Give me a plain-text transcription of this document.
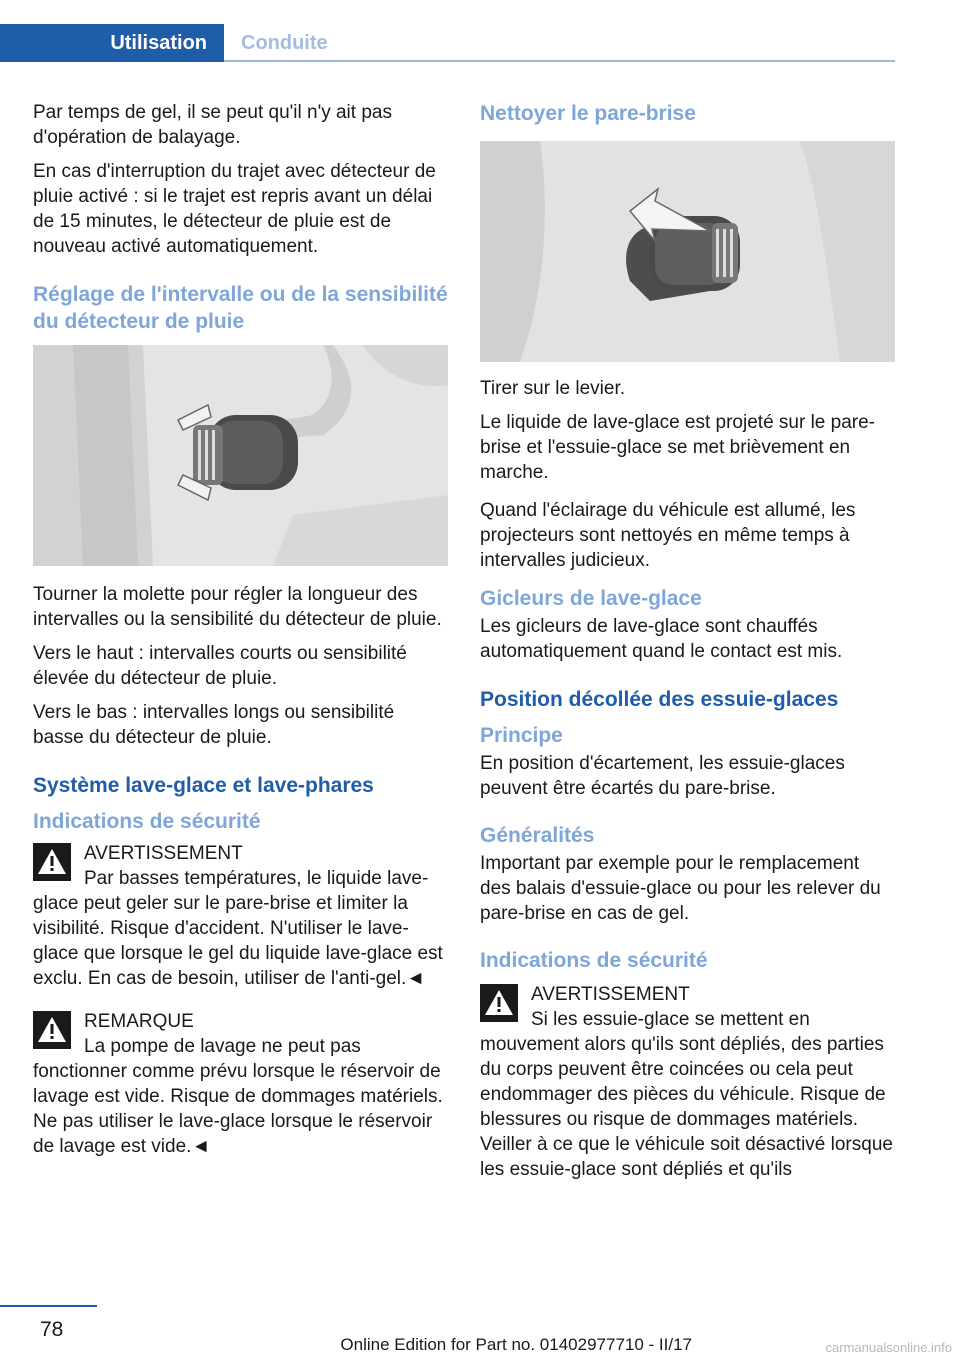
Utilisation	Conduite

Par temps de gel, il se peut qu'il n'y ait pas d'opération de balayage.

En cas d'interruption du trajet avec détecteur de pluie activé : si le trajet est repris avant un délai de 15 minutes, le détecteur de pluie est de nouveau activé automatiquement.

Réglage de l'intervalle ou de la sensibilité du détecteur de pluie

Tourner la molette pour régler la longueur des intervalles ou la sensibilité du détecteur de pluie.

Vers le haut : intervalles courts ou sensibilité élevée du détecteur de pluie.

Vers le bas : intervalles longs ou sensibilité basse du détecteur de pluie.

Système lave-glace et lave-phares
Indications de sécurité
AVERTISSEMENT
Par basses températures, le liquide lave-glace peut geler sur le pare-brise et limiter la visibilité. Risque d'accident. N'utiliser le lave-glace que lorsque le gel du liquide lave-glace est exclu. En cas de besoin, utiliser de l'anti-gel.◄
REMARQUE
La pompe de lavage ne peut pas fonctionner comme prévu lorsque le réservoir de lavage est vide. Risque de dommages matériels. Ne pas utiliser le lave-glace lorsque le réservoir de lavage est vide.◄
Nettoyer le pare-brise

Tirer sur le levier.

Le liquide de lave-glace est projeté sur le pare-brise et l'essuie-glace se met brièvement en marche.

Quand l'éclairage du véhicule est allumé, les projecteurs sont nettoyés en même temps à intervalles judicieux.

Gicleurs de lave-glace

Les gicleurs de lave-glace sont chauffés automatiquement quand le contact est mis.

Position décollée des essuie-glaces
Principe

En position d'écartement, les essuie-glaces peuvent être écartés du pare-brise.

Généralités

Important par exemple pour le remplacement des balais d'essuie-glace ou pour les relever du pare-brise en cas de gel.

Indications de sécurité
AVERTISSEMENT
Si les essuie-glace se mettent en mouvement alors qu'ils sont dépliés, des parties du corps peuvent être coincées ou cela peut endommager des pièces du véhicule. Risque de blessures ou risque de dommages matériels. Veiller à ce que le véhicule soit désactivé lorsque les essuie-glace sont dépliés et qu'ils
78
Online Edition for Part no. 01402977710 - II/17	carmanualsonline.info
